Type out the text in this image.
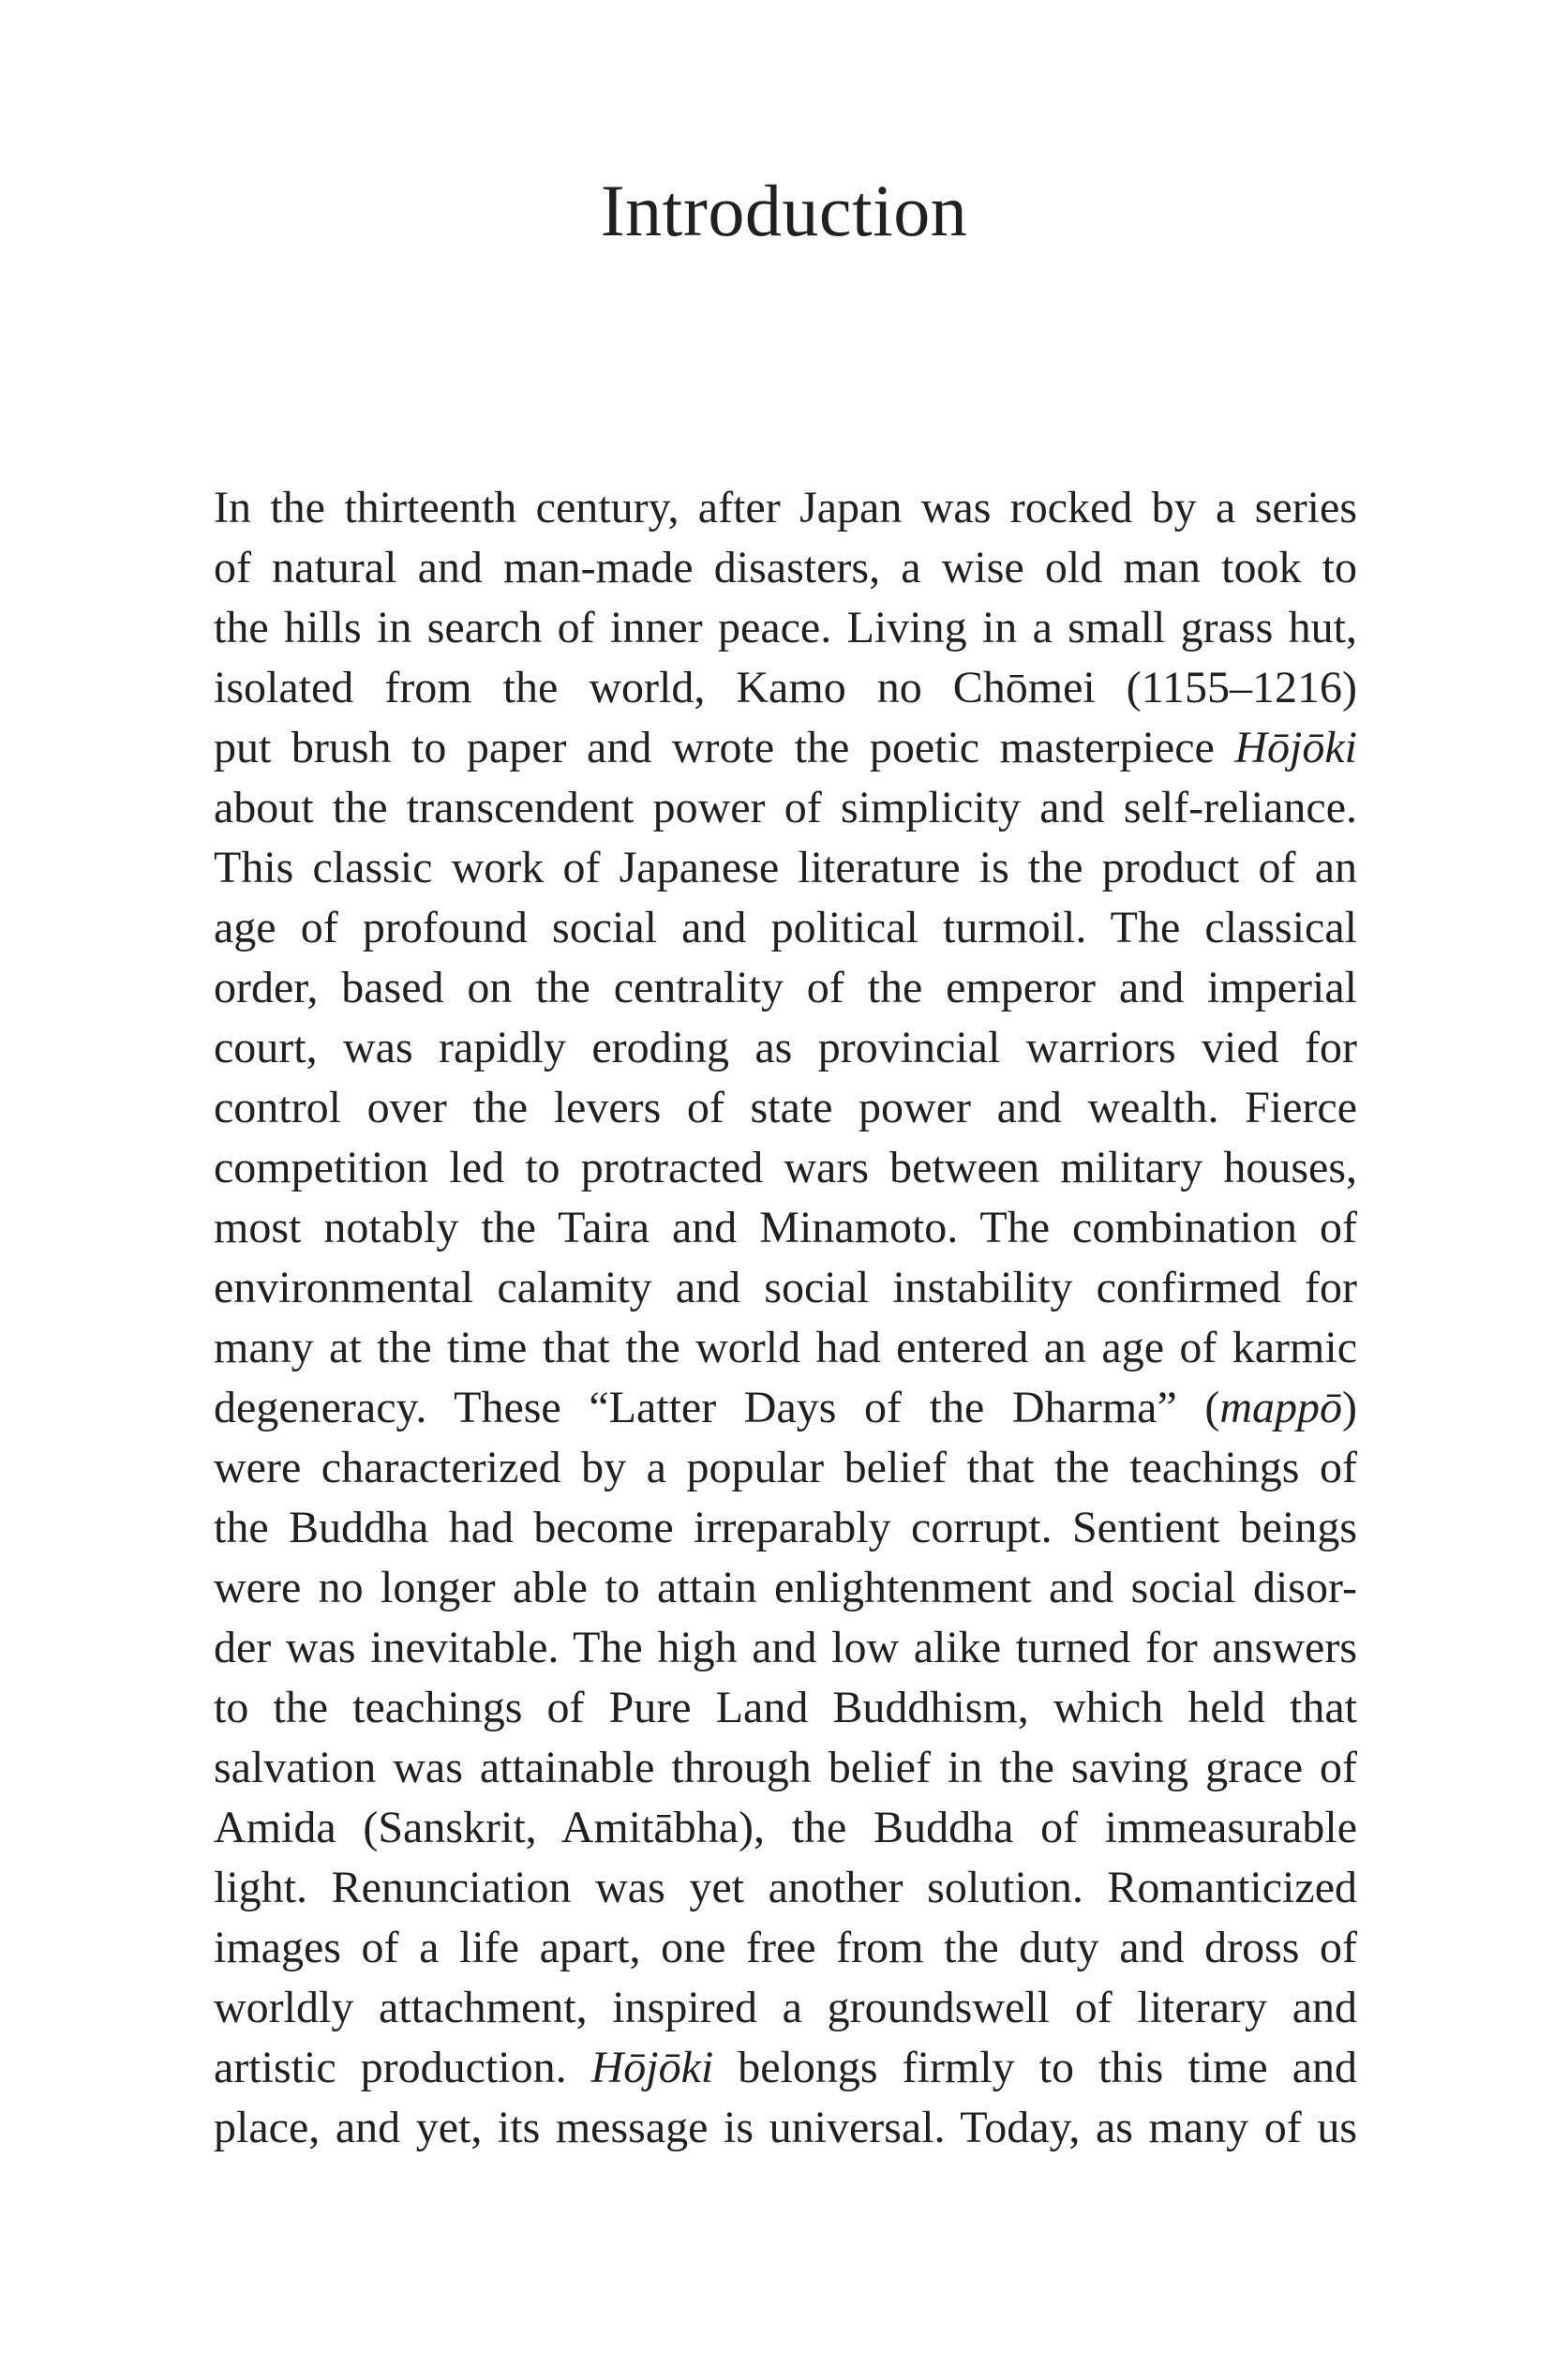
Introduction
In the thirteenth century, after Japan was rocked by a series
of natural and man-made disasters, a wise old man took to
the hills in search of inner peace. Living in a small grass hut,
isolated from the world, Kamo no Chōmei (1155–1216)
put brush to paper and wrote the poetic masterpiece Hōjōki
about the transcendent power of simplicity and self-reliance.
This classic work of Japanese literature is the product of an
age of profound social and political turmoil. The classical
order, based on the centrality of the emperor and imperial
court, was rapidly eroding as provincial warriors vied for
control over the levers of state power and wealth. Fierce
competition led to protracted wars between military houses,
most notably the Taira and Minamoto. The combination of
environmental calamity and social instability confirmed for
many at the time that the world had entered an age of karmic
degeneracy. These “Latter Days of the Dharma” (mappō)
were characterized by a popular belief that the teachings of
the Buddha had become irreparably corrupt. Sentient beings
were no longer able to attain enlightenment and social disor-
der was inevitable. The high and low alike turned for answers
to the teachings of Pure Land Buddhism, which held that
salvation was attainable through belief in the saving grace of
Amida (Sanskrit, Amitābha), the Buddha of immeasurable
light. Renunciation was yet another solution. Romanticized
images of a life apart, one free from the duty and dross of
worldly attachment, inspired a groundswell of literary and
artistic production. Hōjōki belongs firmly to this time and
place, and yet, its message is universal. Today, as many of us
